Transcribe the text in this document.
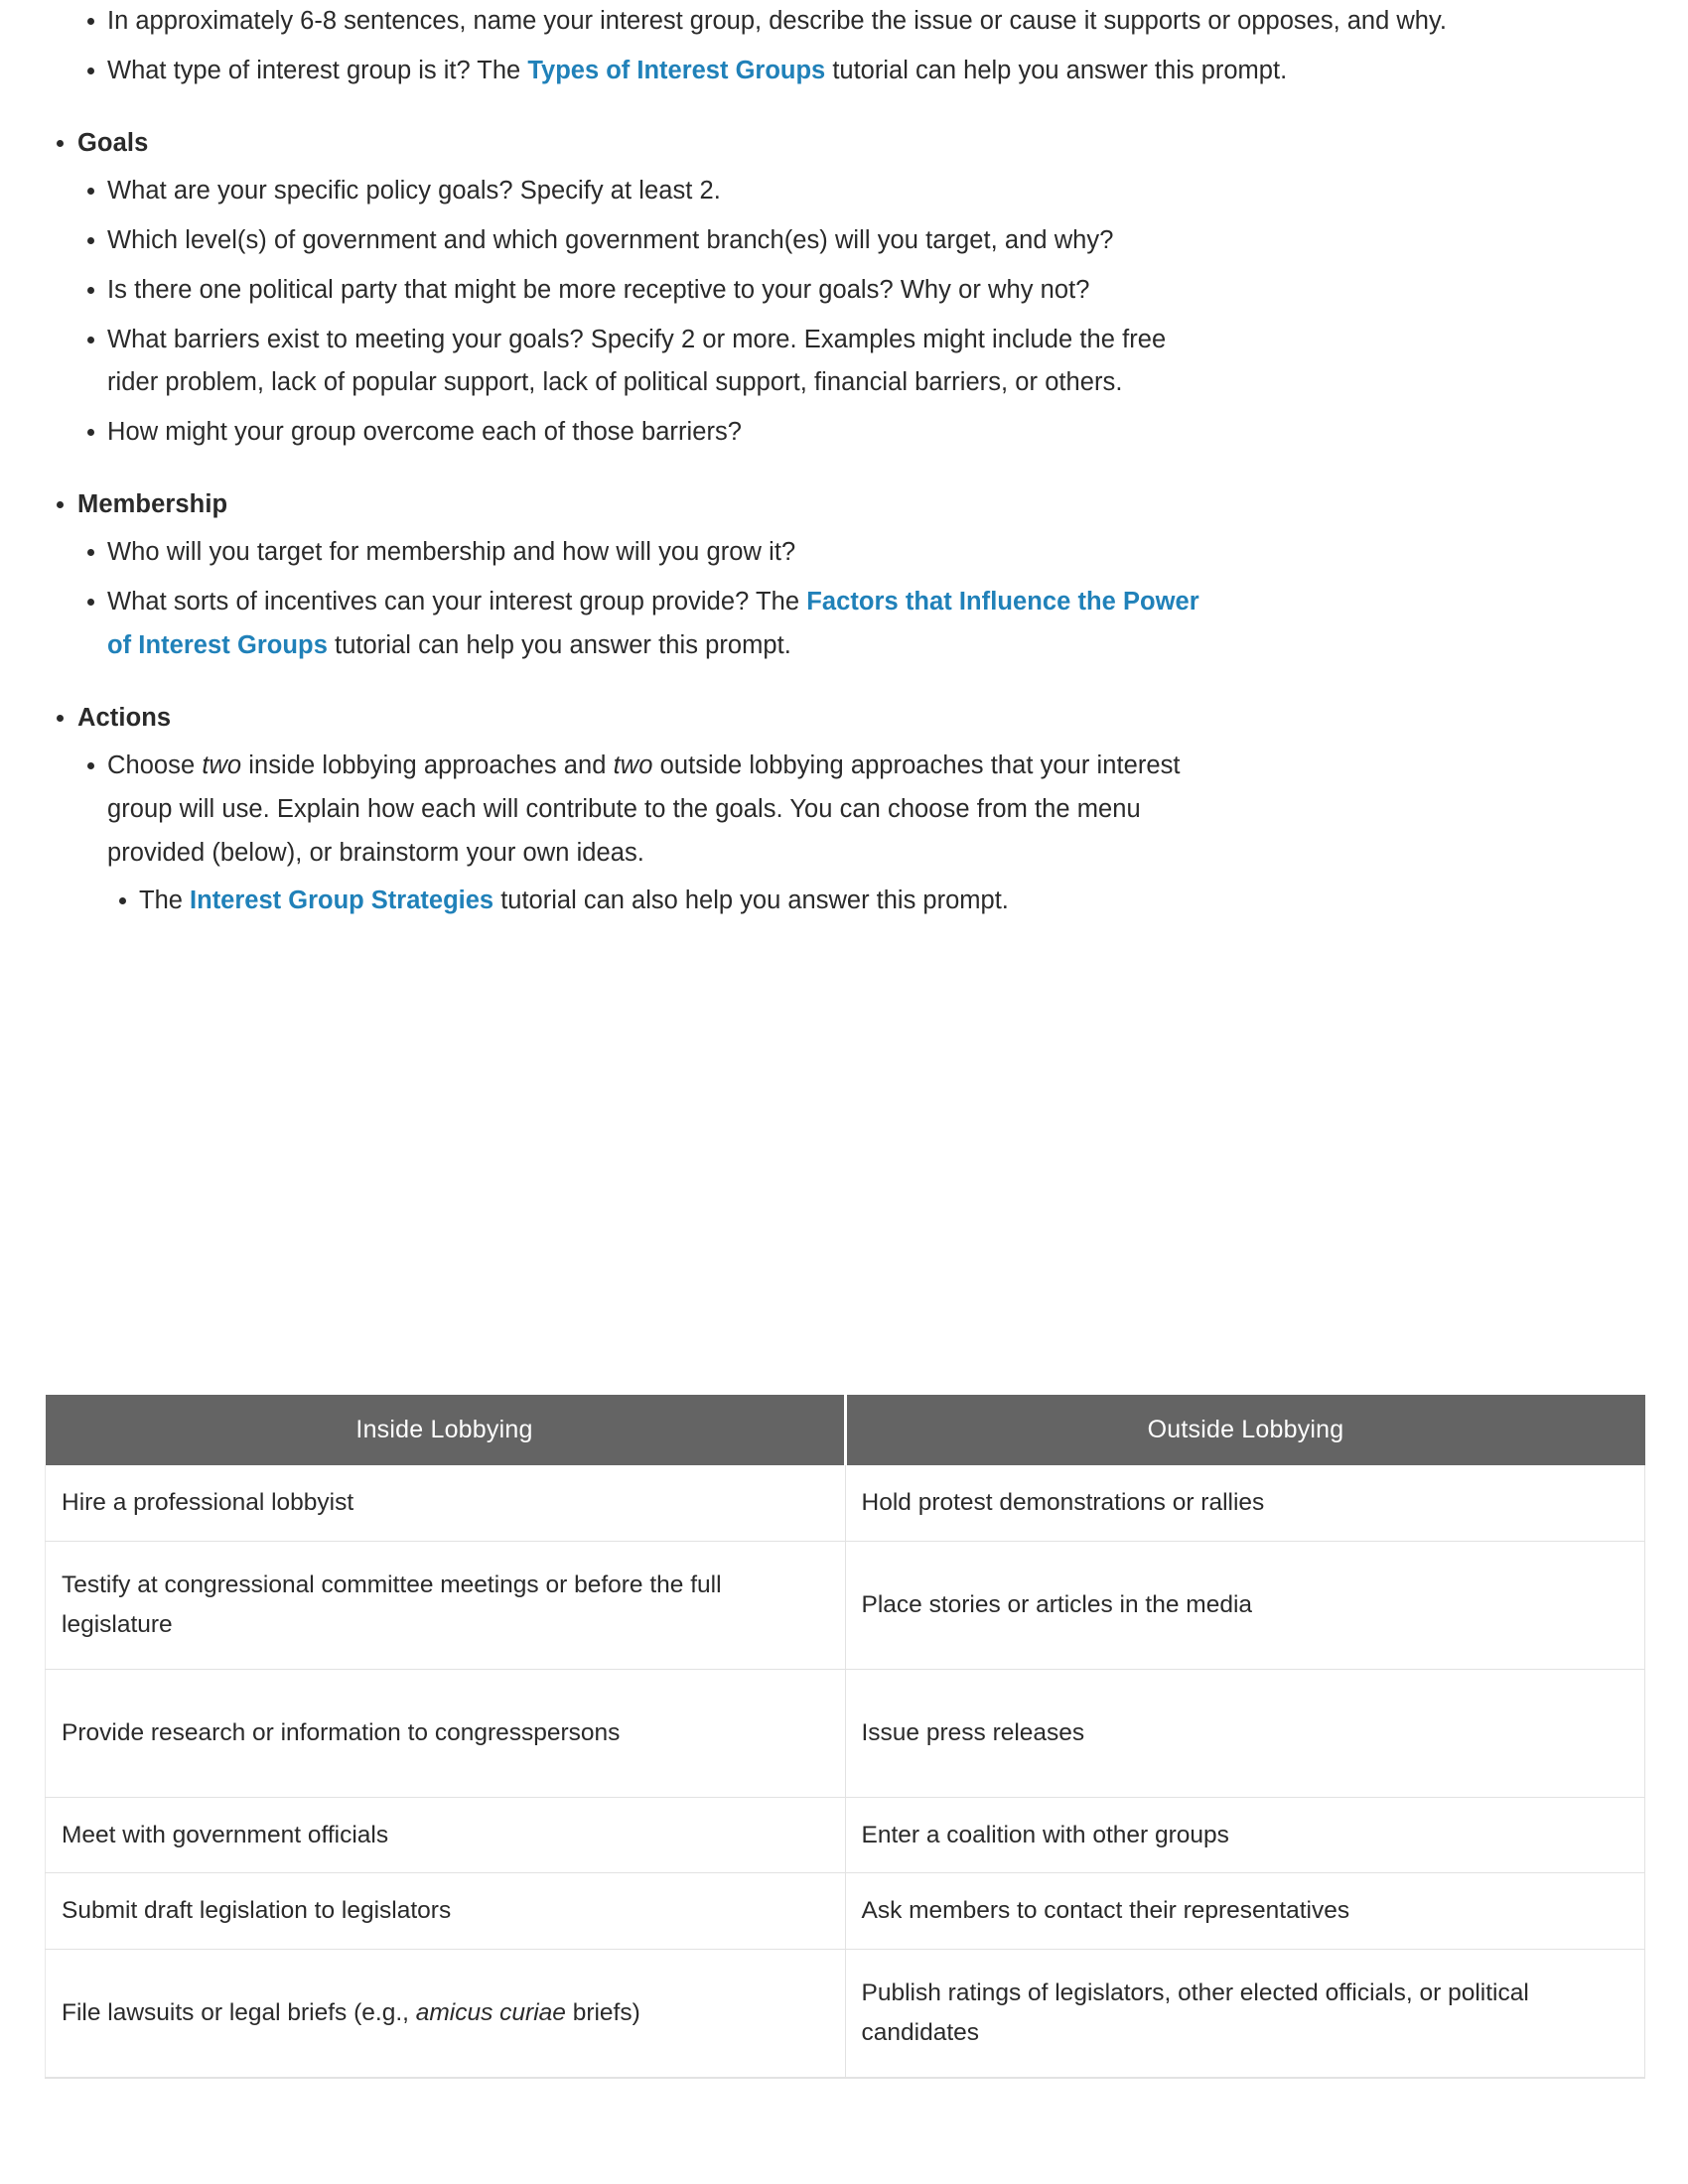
In approximately 6-8 sentences, name your interest group, describe the issue or cause it supports or opposes, and why.
What type of interest group is it? The Types of Interest Groups tutorial can help you answer this prompt.
Goals
What are your specific policy goals? Specify at least 2.
Which level(s) of government and which government branch(es) will you target, and why?
Is there one political party that might be more receptive to your goals? Why or why not?
What barriers exist to meeting your goals? Specify 2 or more. Examples might include the free rider problem, lack of popular support, lack of political support, financial barriers, or others.
How might your group overcome each of those barriers?
Membership
Who will you target for membership and how will you grow it?
What sorts of incentives can your interest group provide? The Factors that Influence the Power of Interest Groups tutorial can help you answer this prompt.
Actions
Choose two inside lobbying approaches and two outside lobbying approaches that your interest group will use. Explain how each will contribute to the goals. You can choose from the menu provided (below), or brainstorm your own ideas.
The Interest Group Strategies tutorial can also help you answer this prompt.
Inside Lobbying	Outside Lobbying
Hire a professional lobbyist	Hold protest demonstrations or rallies
Testify at congressional committee meetings or before the full legislature	Place stories or articles in the media
Provide research or information to congresspersons	Issue press releases
Meet with government officials	Enter a coalition with other groups
Submit draft legislation to legislators	Ask members to contact their representatives
File lawsuits or legal briefs (e.g., amicus curiae briefs)	Publish ratings of legislators, other elected officials, or political candidates
